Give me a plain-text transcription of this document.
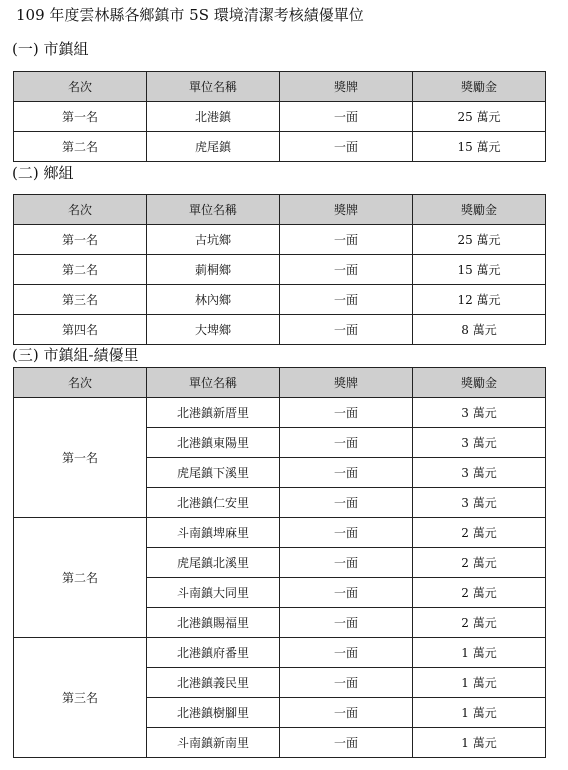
109 年度雲林縣各鄉鎮市 5S 環境清潔考核績優單位
(一) 市鎮組
名次	單位名稱	獎牌	獎勵金
第一名	北港鎮	一面	25 萬元
第二名	虎尾鎮	一面	15 萬元
(二) 鄉組
名次	單位名稱	獎牌	獎勵金
第一名	古坑鄉	一面	25 萬元
第二名	莿桐鄉	一面	15 萬元
第三名	林內鄉	一面	12 萬元
第四名	大埤鄉	一面	8 萬元
(三) 市鎮組-績優里
名次	單位名稱	獎牌	獎勵金
第一名	北港鎮新厝里	一面	3 萬元
	北港鎮東陽里	一面	3 萬元
	虎尾鎮下溪里	一面	3 萬元
	北港鎮仁安里	一面	3 萬元
第二名	斗南鎮埤麻里	一面	2 萬元
	虎尾鎮北溪里	一面	2 萬元
	斗南鎮大同里	一面	2 萬元
	北港鎮賜福里	一面	2 萬元
第三名	北港鎮府番里	一面	1 萬元
	北港鎮義民里	一面	1 萬元
	北港鎮樹腳里	一面	1 萬元
	斗南鎮新南里	一面	1 萬元
